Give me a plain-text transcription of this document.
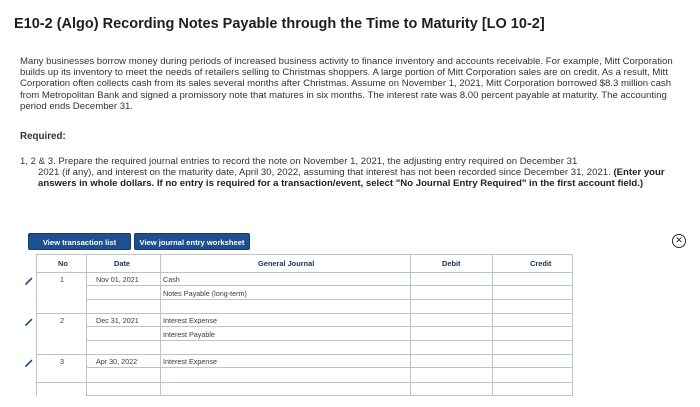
E10-2 (Algo) Recording Notes Payable through the Time to Maturity [LO 10-2]

Many businesses borrow money during periods of increased business activity to finance inventory and accounts receivable. For example, Mitt Corporation builds up its inventory to meet the needs of retailers selling to Christmas shoppers. A large portion of Mitt Corporation sales are on credit. As a result, Mitt Corporation often collects cash from its sales several months after Christmas. Assume on November 1, 2021, Mitt Corporation borrowed $8.3 million cash from Metropolitan Bank and signed a promissory note that matures in six months. The interest rate was 8.00 percent payable at maturity. The accounting period ends December 31.

Required:
1, 2 & 3. Prepare the required journal entries to record the note on November 1, 2021, the adjusting entry required on December 31
2021 (if any), and interest on the maturity date, April 30, 2022, assuming that interest has not been recorded since December 31, 2021. (Enter your answers in whole dollars. If no entry is required for a transaction/event, select "No Journal Entry Required" in the first account field.)
View transaction list	View journal entry worksheet	✕
No	Date	General Journal	Debit	Credit
1	Nov 01, 2021	Cash
Notes Payable (long-term)
2	Dec 31, 2021	Interest Expense
Interest Payable
3	Apr 30, 2022	Interest Expense
